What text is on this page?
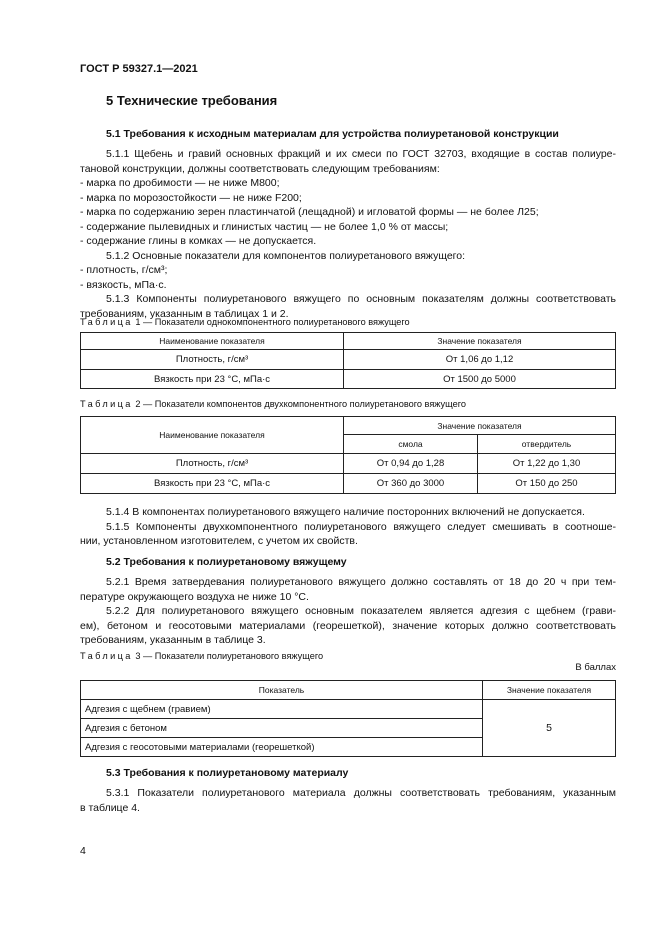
ГОСТ Р 59327.1—2021
5 Технические требования
5.1 Требования к исходным материалам для устройства полиуретановой конструкции
5.1.1 Щебень и гравий основных фракций и их смеси по ГОСТ 32703, входящие в состав полиуре-
тановой конструкции, должны соответствовать следующим требованиям:
- марка по дробимости — не ниже М800;
- марка по морозостойкости — не ниже F200;
- марка по содержанию зерен пластинчатой (лещадной) и игловатой формы — не более Л25;
- содержание пылевидных и глинистых частиц — не более 1,0 % от массы;
- содержание глины в комках — не допускается.
5.1.2 Основные показатели для компонентов полиуретанового вяжущего:
- плотность, г/см³;
- вязкость, мПа·с.
5.1.3 Компоненты полиуретанового вяжущего по основным показателям должны соответствовать
требованиям, указанным в таблицах 1 и 2.
Таблица 1 — Показатели однокомпонентного полиуретанового вяжущего
Наименование показателя	Значение показателя
Плотность, г/см³	От 1,06 до 1,12
Вязкость при 23 °С, мПа·с	От 1500 до 5000
Таблица 2 — Показатели компонентов двухкомпонентного полиуретанового вяжущего
Наименование показателя	Значение показателя	
	смола	отвердитель
Плотность, г/см³	От 0,94 до 1,28	От 1,22 до 1,30
Вязкость при 23 °С, мПа·с	От 360 до 3000	От 150 до 250
5.1.4 В компонентах полиуретанового вяжущего наличие посторонних включений не допускается.
5.1.5 Компоненты двухкомпонентного полиуретанового вяжущего следует смешивать в соотноше-
нии, установленном изготовителем, с учетом их свойств.
5.2 Требования к полиуретановому вяжущему
5.2.1 Время затвердевания полиуретанового вяжущего должно составлять от 18 до 20 ч при тем-
пературе окружающего воздуха не ниже 10 °С.
5.2.2 Для полиуретанового вяжущего основным показателем является адгезия с щебнем (грави-
ем), бетоном и геосотовыми материалами (георешеткой), значение которых должно соответствовать
требованиям, указанным в таблице 3.
Таблица 3 — Показатели полиуретанового вяжущего
В баллах
Показатель	Значение показателя
Адгезия с щебнем (гравием)	5
Адгезия с бетоном	
Адгезия с геосотовыми материалами (георешеткой)	
5.3 Требования к полиуретановому материалу
5.3.1 Показатели полиуретанового материала должны соответствовать требованиям, указанным
в таблице 4.
4
